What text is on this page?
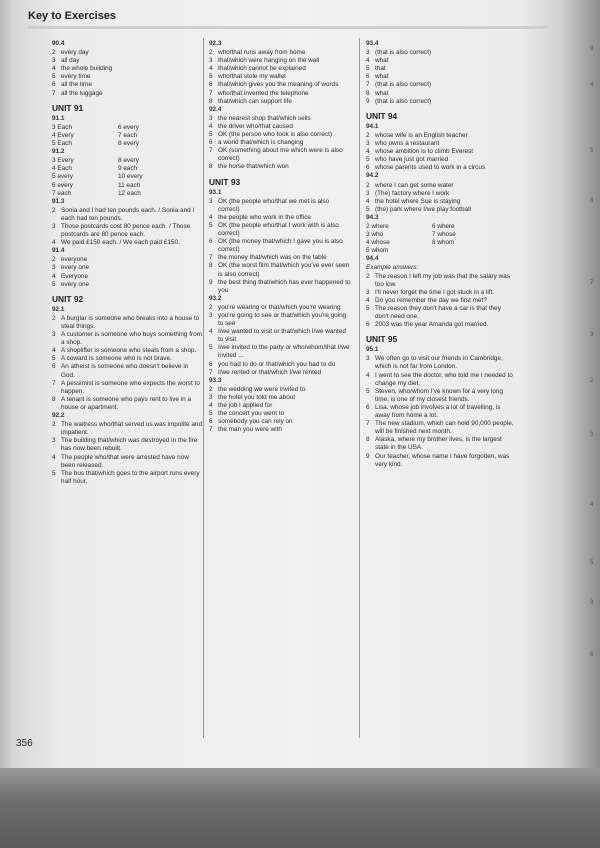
Key to Exercises
90.4
2 every day
3 all day
4 the whole building
5 every time
6 all the time
7 all the luggage
UNIT 91
91.1
3 Each	6 every
4 Every	7 each
5 Each	8 every
91.2
3 Every	8 every
4 Each	9 each
5 every	10 every
6 every	11 each
7 each	12 each
91.3
2 Sonia and I had ten pounds each. / Sonia and I each had ten pounds.
3 Those postcards cost 80 pence each. / Those postcards are 80 pence each.
4 We paid £150 each. / We each paid £150.
91.4
2 everyone
3 every one
4 Everyone
5 every one
UNIT 92
92.1
2 A burglar is someone who breaks into a house to steal things.
3 A customer is someone who buys something from a shop.
4 A shoplifter is someone who steals from a shop.
5 A coward is someone who is not brave.
6 An atheist is someone who doesn't believe in God.
7 A pessimist is someone who expects the worst to happen.
8 A tenant is someone who pays rent to live in a house or apartment.
92.2
2 The waitress who/that served us was impolite and impatient.
3 The building that/which was destroyed in the fire has now been rebuilt.
4 The people who/that were arrested have now been released.
5 The bus that/which goes to the airport runs every half hour.
92.3
2 who/that runs away from home
3 that/which were hanging on the wall
4 that/which cannot be explained
5 who/that stole my wallet
6 that/which gives you the meaning of words
7 who/that invented the telephone
8 that/which can support life
92.4
3 the nearest shop that/which sells
4 the driver who/that caused
5 OK (the person who took is also correct)
6 a world that/which is changing
7 OK (something about me which were is also correct)
8 the horse that/which won
UNIT 93
93.1
3 OK (the people who/that we met is also correct)
4 the people who work in the office
5 OK (the people who/that I work with is also correct)
6 OK (the money that/which I gave you is also correct)
7 the money that/which was on the table
8 OK (the worst film that/which you've ever seen is also correct)
9 the best thing that/which has ever happened to you
93.2
2 you're wearing or that/which you're wearing
3 you're going to see or that/which you're going to see
4 I/we wanted to visit or that/which I/we wanted to visit
5 I/we invited to the party or who/whom/that I/we invited ...
6 you had to do or that/which you had to do
7 I/we rented or that/which I/we rented
93.3
2 the wedding we were invited to
3 the hotel you told me about
4 the job I applied for
5 the concert you went to
6 somebody you can rely on
7 the man you were with
93.4
3 (that is also correct)
4 what
5 that
6 what
7 (that is also correct)
8 what
9 (that is also correct)
UNIT 94
94.1
2 whose wife is an English teacher
3 who owns a restaurant
4 whose ambition is to climb Everest
5 who have just got married
6 whose parents used to work in a circus
94.2
2 where I can get some water
3 (The) factory where I work
4 the hotel where Sue is staying
5 (the) park where I/we play football
94.3
2 where	6 where
3 who	7 whose
4 whose	8 whom
5 whom
94.4
Example answers:
2 The reason I left my job was that the salary was too low.
3 I'll never forget the time I got stuck in a lift.
4 Do you remember the day we first met?
5 The reason they don't have a car is that they don't need one.
6 2003 was the year Amanda got married.
UNIT 95
95.1
3 We often go to visit our friends in Cambridge, which is not far from London.
4 I went to see the doctor, who told me I needed to change my diet.
5 Steven, who/whom I've known for a very long time, is one of my closest friends.
6 Lisa, whose job involves a lot of travelling, is away from home a lot.
7 The new stadium, which can hold 90,000 people, will be finished next month.
8 Alaska, where my brother lives, is the largest state in the USA.
9 Our teacher, whose name I have forgotten, was very kind.
9
4
5
6
7
9
2
3
4
5
9
6
356
